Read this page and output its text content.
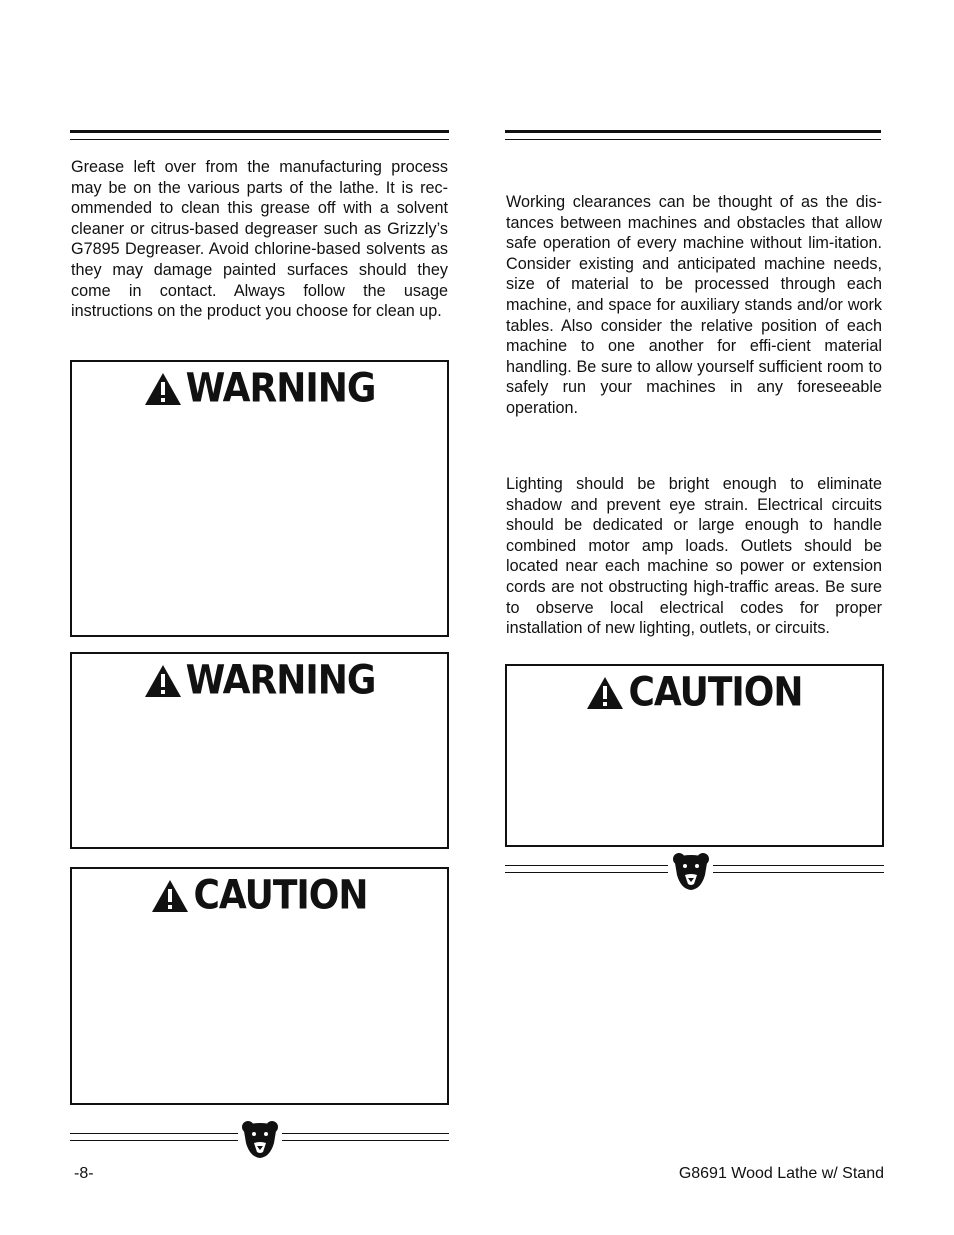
Grease left over from the manufacturing process may be on the various parts of the lathe. It is rec-ommended to clean this grease off with a solvent cleaner or citrus-based degreaser such as Grizzly’s G7895 Degreaser. Avoid chlorine-based solvents as they may damage painted surfaces should they come in contact. Always follow the usage instructions on the product you choose for clean up.

WARNING
WARNING
CAUTION

Working clearances can be thought of as the dis-tances between machines and obstacles that allow safe operation of every machine without lim-itation. Consider existing and anticipated machine needs, size of material to be processed through each machine, and space for auxiliary stands and/or work tables. Also consider the relative position of each machine to one another for effi-cient material handling. Be sure to allow yourself sufficient room to safely run your machines in any foreseeable operation.

Lighting should be bright enough to eliminate shadow and prevent eye strain. Electrical circuits should be dedicated or large enough to handle combined motor amp loads. Outlets should be located near each machine so power or extension cords are not obstructing high-traffic areas. Be sure to observe local electrical codes for proper installation of new lighting, outlets, or circuits.

CAUTION
-8-	G8691 Wood Lathe w/ Stand
